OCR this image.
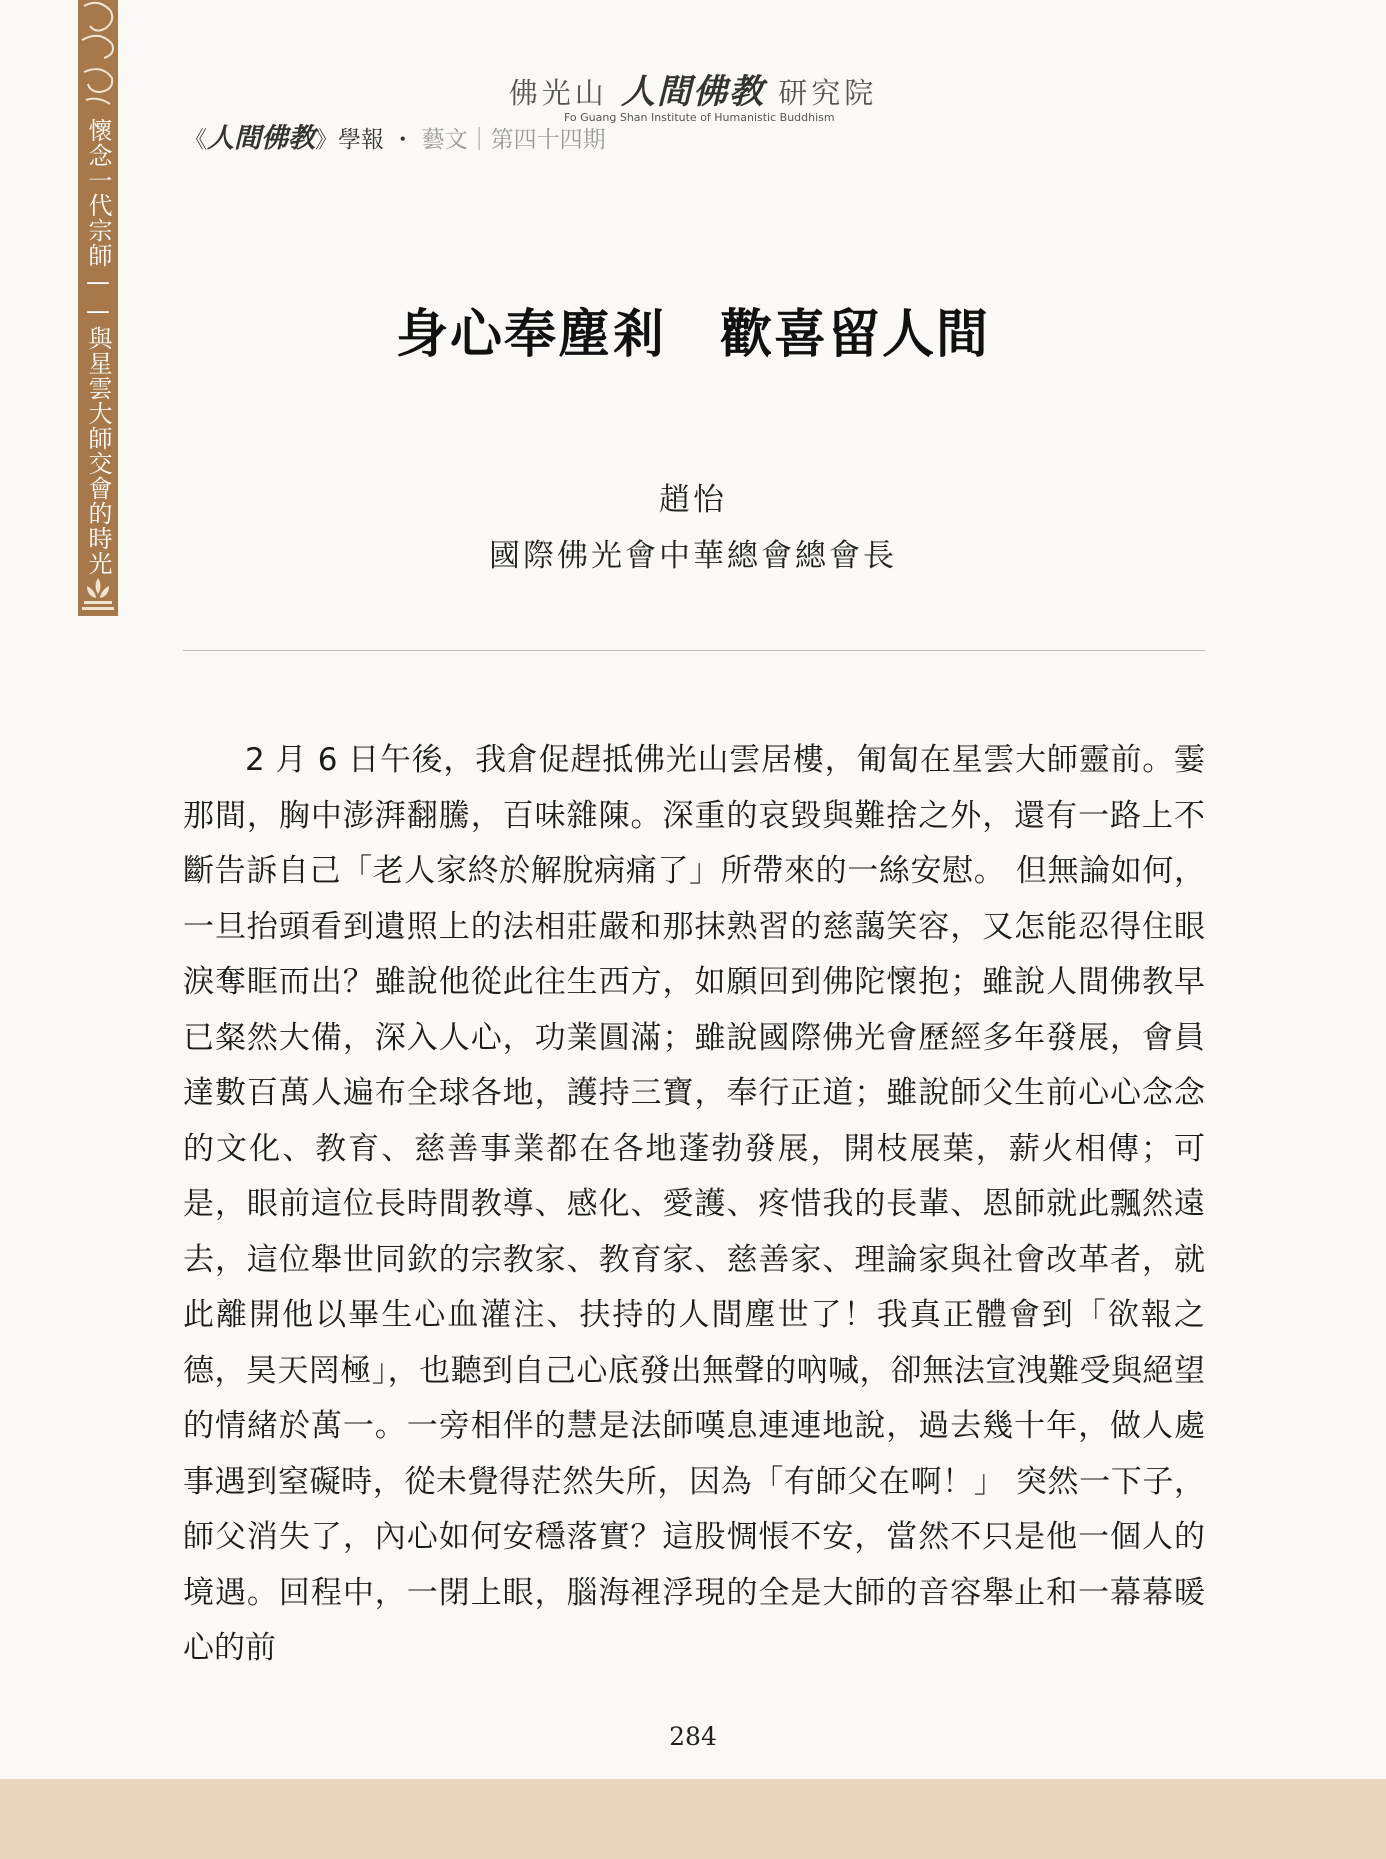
懷念一代宗師——與星雲大師交會的時光
佛光山 人間佛教 研究院
Fo Guang Shan Institute of Humanistic Buddhism
《人間佛教》學報 ・ 藝文｜第四十四期
身心奉塵剎　歡喜留人間
趙怡
國際佛光會中華總會總會長

2 月 6 日午後，我倉促趕抵佛光山雲居樓，匍匐在星雲大師靈前。霎那間，胸中澎湃翻騰，百味雜陳。深重的哀毀與難捨之外，還有一路上不斷告訴自己「老人家終於解脫病痛了」所帶來的一絲安慰。 但無論如何，一旦抬頭看到遺照上的法相莊嚴和那抹熟習的慈藹笑容，又怎能忍得住眼淚奪眶而出？雖說他從此往生西方，如願回到佛陀懷抱；雖說人間佛教早已粲然大備，深入人心，功業圓滿；雖說國際佛光會歷經多年發展，會員達數百萬人遍布全球各地，護持三寶，奉行正道；雖說師父生前心心念念的文化、教育、慈善事業都在各地蓬勃發展，開枝展葉，薪火相傳；可是，眼前這位長時間教導、感化、愛護、疼惜我的長輩、恩師就此飄然遠去，這位舉世同欽的宗教家、教育家、慈善家、理論家與社會改革者，就此離開他以畢生心血灌注、扶持的人間塵世了！我真正體會到「欲報之德，昊天罔極」，也聽到自己心底發出無聲的吶喊，卻無法宣洩難受與絕望的情緒於萬一。一旁相伴的慧是法師嘆息連連地說，過去幾十年，做人處事遇到窒礙時，從未覺得茫然失所，因為「有師父在啊！」 突然一下子，師父消失了，內心如何安穩落實？這股惆悵不安，當然不只是他一個人的境遇。回程中，一閉上眼，腦海裡浮現的全是大師的音容舉止和一幕幕暖心的前

284
